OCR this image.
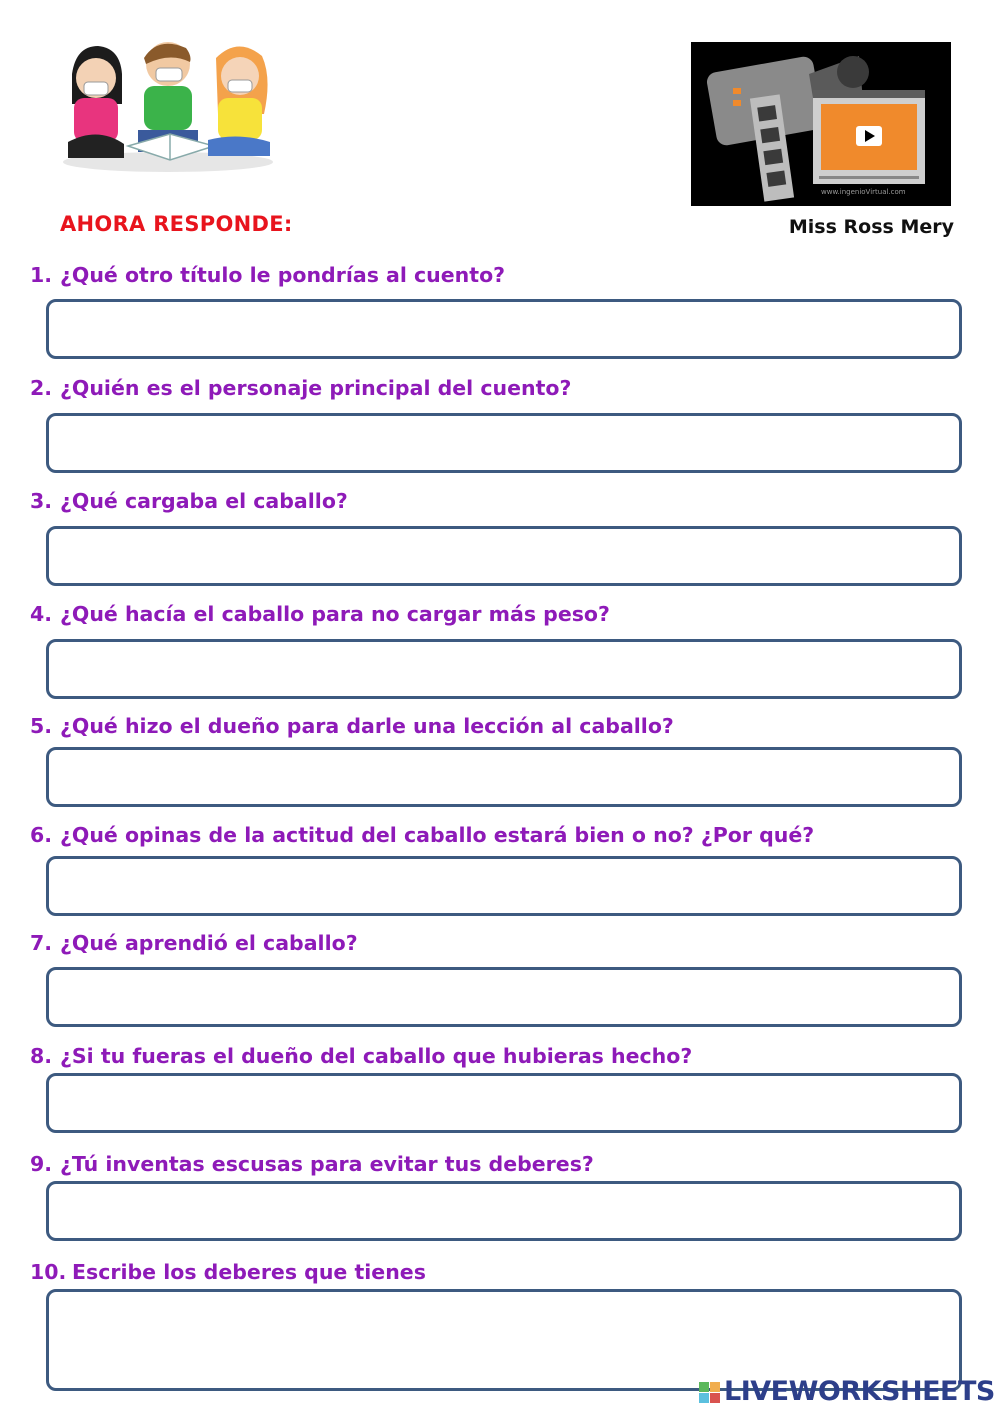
www.ingenioVirtual.com
AHORA RESPONDE:	Miss Ross Mery
1. ¿Qué otro título le pondrías al cuento?
2. ¿Quién es el personaje principal del cuento?
3. ¿Qué cargaba el caballo?
4. ¿Qué hacía el caballo para no cargar más peso?
5. ¿Qué hizo el dueño para darle una lección al caballo?
6. ¿Qué opinas de la actitud del caballo estará bien o no? ¿Por qué?
7. ¿Qué aprendió el caballo?
8. ¿Si tu fueras el dueño del caballo que hubieras hecho?
9. ¿Tú inventas escusas para evitar tus deberes?
10. Escribe los deberes que tienes
LIVEWORKSHEETS
